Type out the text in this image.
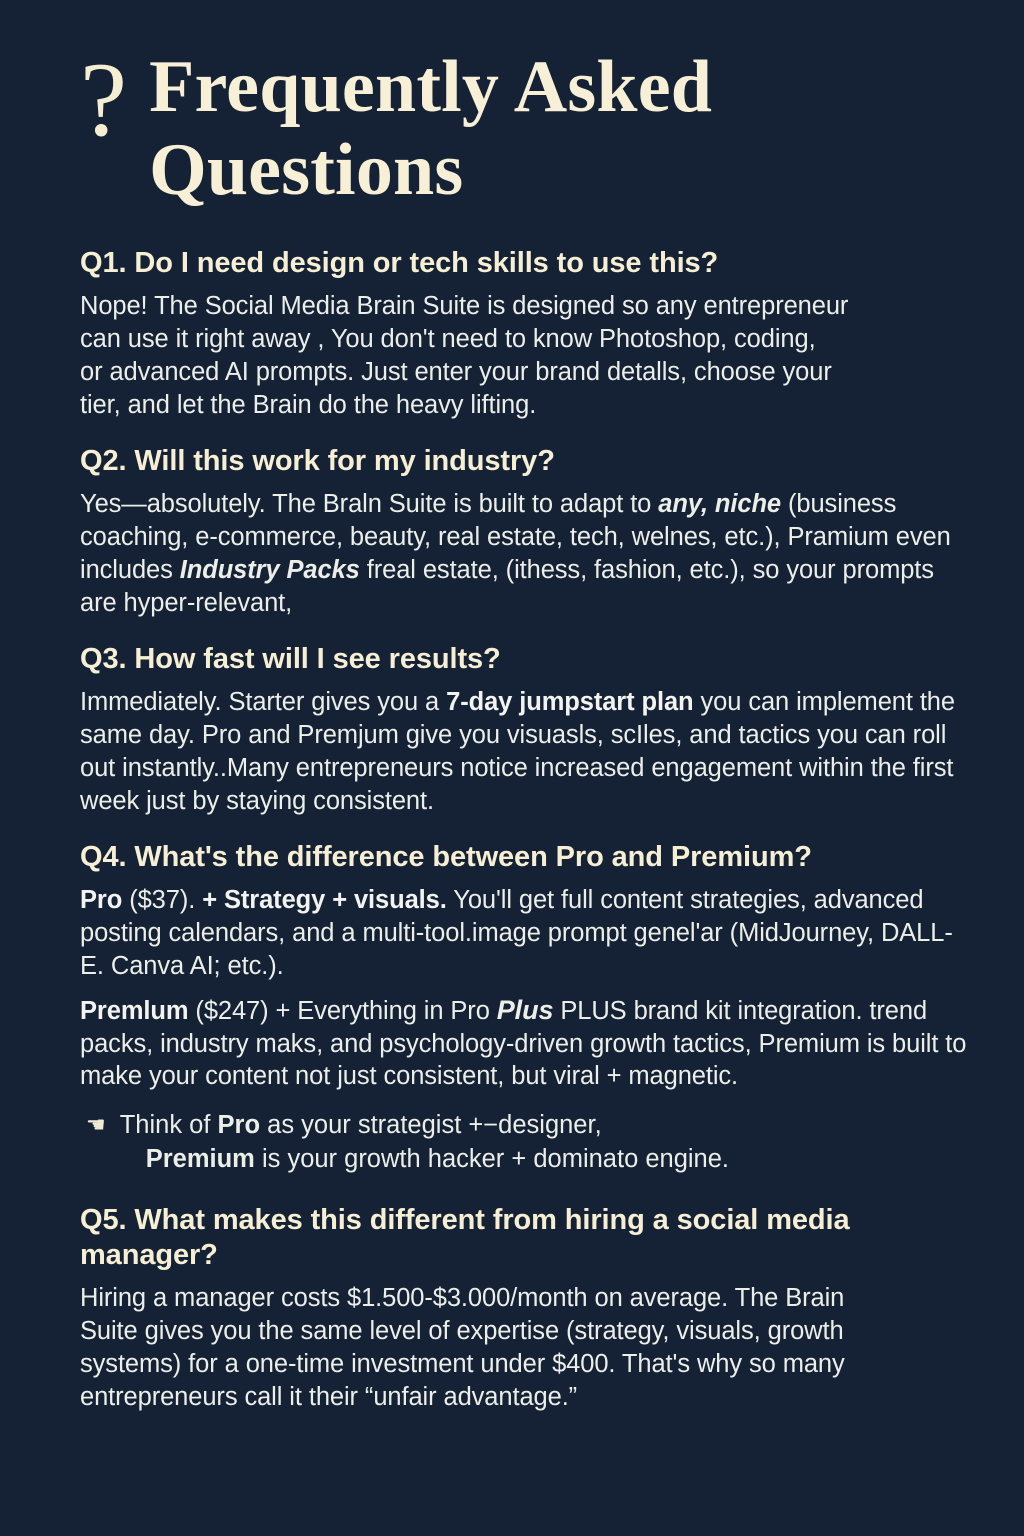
? Frequently Asked Questions

Q1. Do I need design or tech skills to use this?

Nope! The Social Media Brain Suite is designed so any entrepreneur
can use it right away , You don't need to know Photoshop, coding,
or advanced AI prompts. Just enter your brand detalls, choose your
tier, and let the Brain do the heavy lifting.

Q2. Will this work for my industry?

Yes—absolutely. The Braln Suite is built to adapt to any, niche (business coaching, e-commerce, beauty, real estate, tech, welnes, etc.), Pramium even includes Industry Packs freal estate, (ithess, fashion, etc.), so your prompts are hyper-relevant,

Q3. How fast will I see results?

Immediately. Starter gives you a 7-day jumpstart plan you can implement the same day. Pro and Premjum give you visuasls, scIles, and tactics you can roll out instantly..Many entrepreneurs notice increased engagement within the first week just by staying consistent.

Q4. What's the difference between Pro and Premium?

Pro ($37). + Strategy + visuals. You'll get full content strategies, advanced posting calendars, and a multi-tool.image prompt genel'ar (MidJourney, DALL-E. Canva AI; etc.).

Premlum ($247) + Everything in Pro Plus PLUS brand kit integration. trend packs, industry maks, and psychology-driven growth tactics, Premium is built to make your content not just consistent, but viral + magnetic.

☚ Think of Pro as your strategist +−designer,
Premium is your growth hacker + dominato engine.

Q5. What makes this different from hiring a social media manager?

Hiring a manager costs $1.500-$3.000/month on average. The Brain
Suite gives you the same level of expertise (strategy, visuals, growth
systems) for a one-time investment under $400. That's why so many
entrepreneurs call it their “unfair advantage.”
